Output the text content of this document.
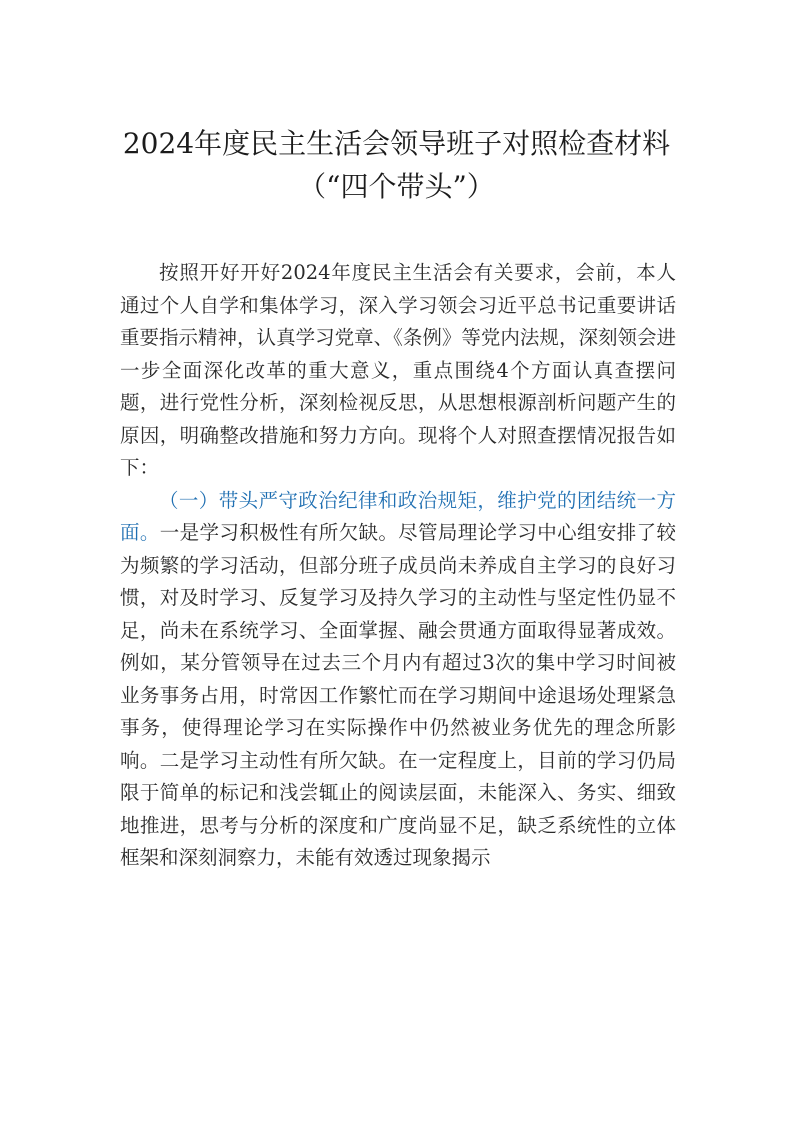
2024年度民主生活会领导班子对照检查材料
（“四个带头”）

按照开好开好2024年度民主生活会有关要求，会前，本人通过个人自学和集体学习，深入学习领会习近平总书记重要讲话重要指示精神，认真学习党章、《条例》等党内法规，深刻领会进一步全面深化改革的重大意义，重点围绕4个方面认真查摆问题，进行党性分析，深刻检视反思，从思想根源剖析问题产生的原因，明确整改措施和努力方向。现将个人对照查摆情况报告如下：

（一）带头严守政治纪律和政治规矩，维护党的团结统一方面。一是学习积极性有所欠缺。尽管局理论学习中心组安排了较为频繁的学习活动，但部分班子成员尚未养成自主学习的良好习惯，对及时学习、反复学习及持久学习的主动性与坚定性仍显不足，尚未在系统学习、全面掌握、融会贯通方面取得显著成效。例如，某分管领导在过去三个月内有超过3次的集中学习时间被业务事务占用，时常因工作繁忙而在学习期间中途退场处理紧急事务，使得理论学习在实际操作中仍然被业务优先的理念所影响。二是学习主动性有所欠缺。在一定程度上，目前的学习仍局限于简单的标记和浅尝辄止的阅读层面，未能深入、务实、细致地推进，思考与分析的深度和广度尚显不足，缺乏系统性的立体框架和深刻洞察力，未能有效透过现象揭示
